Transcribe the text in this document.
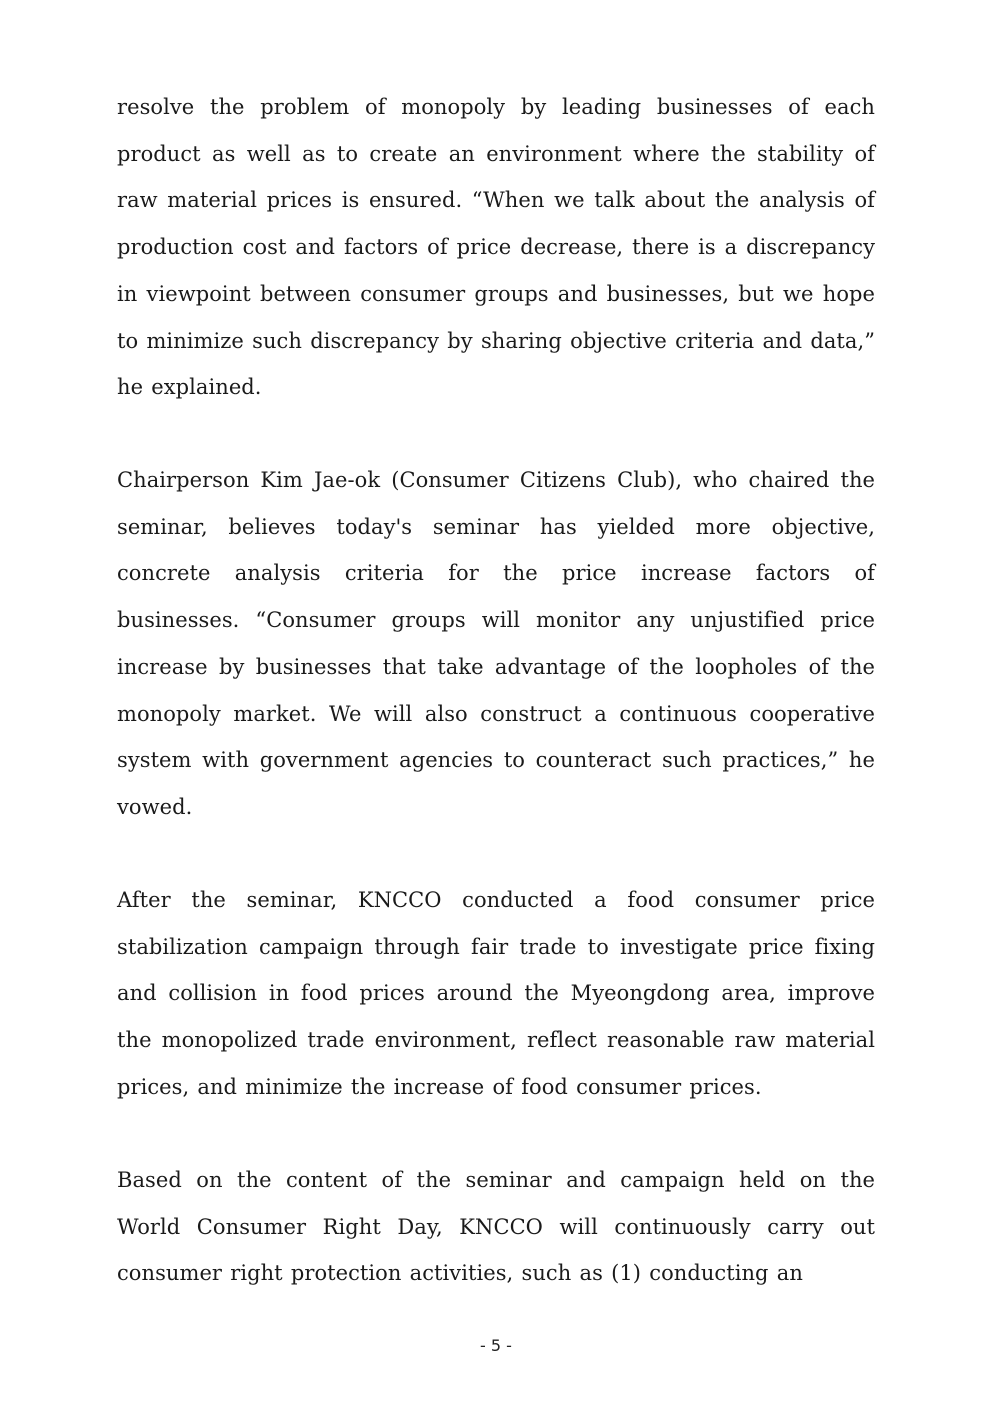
resolve the problem of monopoly by leading businesses of each product as well as to create an environment where the stability of raw material prices is ensured. “When we talk about the analysis of production cost and factors of price decrease, there is a discrepancy in viewpoint between consumer groups and businesses, but we hope to minimize such discrepancy by sharing objective criteria and data,” he explained.

Chairperson Kim Jae-ok (Consumer Citizens Club), who chaired the seminar, believes today's seminar has yielded more objective, concrete analysis criteria for the price increase factors of businesses. “Consumer groups will monitor any unjustified price increase by businesses that take advantage of the loopholes of the monopoly market. We will also construct a continuous cooperative system with government agencies to counteract such practices,” he vowed.

After the seminar, KNCCO conducted a food consumer price stabilization campaign through fair trade to investigate price fixing and collision in food prices around the Myeongdong area, improve the monopolized trade environment, reflect reasonable raw material prices, and minimize the increase of food consumer prices.

Based on the content of the seminar and campaign held on the World Consumer Right Day, KNCCO will continuously carry out consumer right protection activities, such as (1) conducting an

- 5 -
